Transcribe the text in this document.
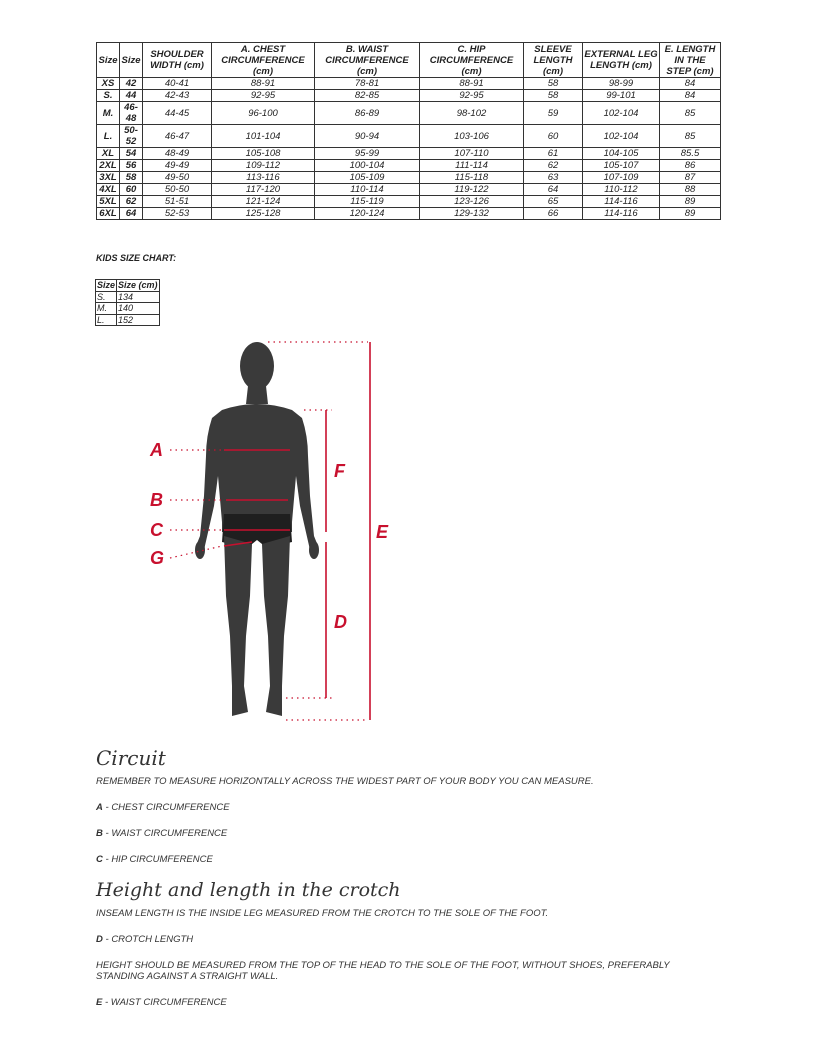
Size	Size	SHOULDER WIDTH (cm)	A. CHEST CIRCUMFERENCE (cm)	B. WAIST CIRCUMFERENCE (cm)	C. HIP CIRCUMFERENCE (cm)	SLEEVE LENGTH (cm)	EXTERNAL LEG LENGTH (cm)	E. LENGTH IN THE STEP (cm)
XS	42	40-41	88-91	78-81	88-91	58	98-99	84
S.	44	42-43	92-95	82-85	92-95	58	99-101	84
M.	46-48	44-45	96-100	86-89	98-102	59	102-104	85
L.	50-52	46-47	101-104	90-94	103-106	60	102-104	85
XL	54	48-49	105-108	95-99	107-110	61	104-105	85.5
2XL	56	49-49	109-112	100-104	111-114	62	105-107	86
3XL	58	49-50	113-116	105-109	115-118	63	107-109	87
4XL	60	50-50	117-120	110-114	119-122	64	110-112	88
5XL	62	51-51	121-124	115-119	123-126	65	114-116	89
6XL	64	52-53	125-128	120-124	129-132	66	114-116	89

KIDS SIZE CHART:

Size	Size (cm)
S.	134
M.	140
L.	152
A
B
C
G
F
D
E
Circuit

REMEMBER TO MEASURE HORIZONTALLY ACROSS THE WIDEST PART OF YOUR BODY YOU CAN MEASURE.

A - CHEST CIRCUMFERENCE

B - WAIST CIRCUMFERENCE

C - HIP CIRCUMFERENCE

Height and length in the crotch

INSEAM LENGTH IS THE INSIDE LEG MEASURED FROM THE CROTCH TO THE SOLE OF THE FOOT.

D - CROTCH LENGTH

HEIGHT SHOULD BE MEASURED FROM THE TOP OF THE HEAD TO THE SOLE OF THE FOOT, WITHOUT SHOES, PREFERABLY STANDING AGAINST A STRAIGHT WALL.

E - WAIST CIRCUMFERENCE
